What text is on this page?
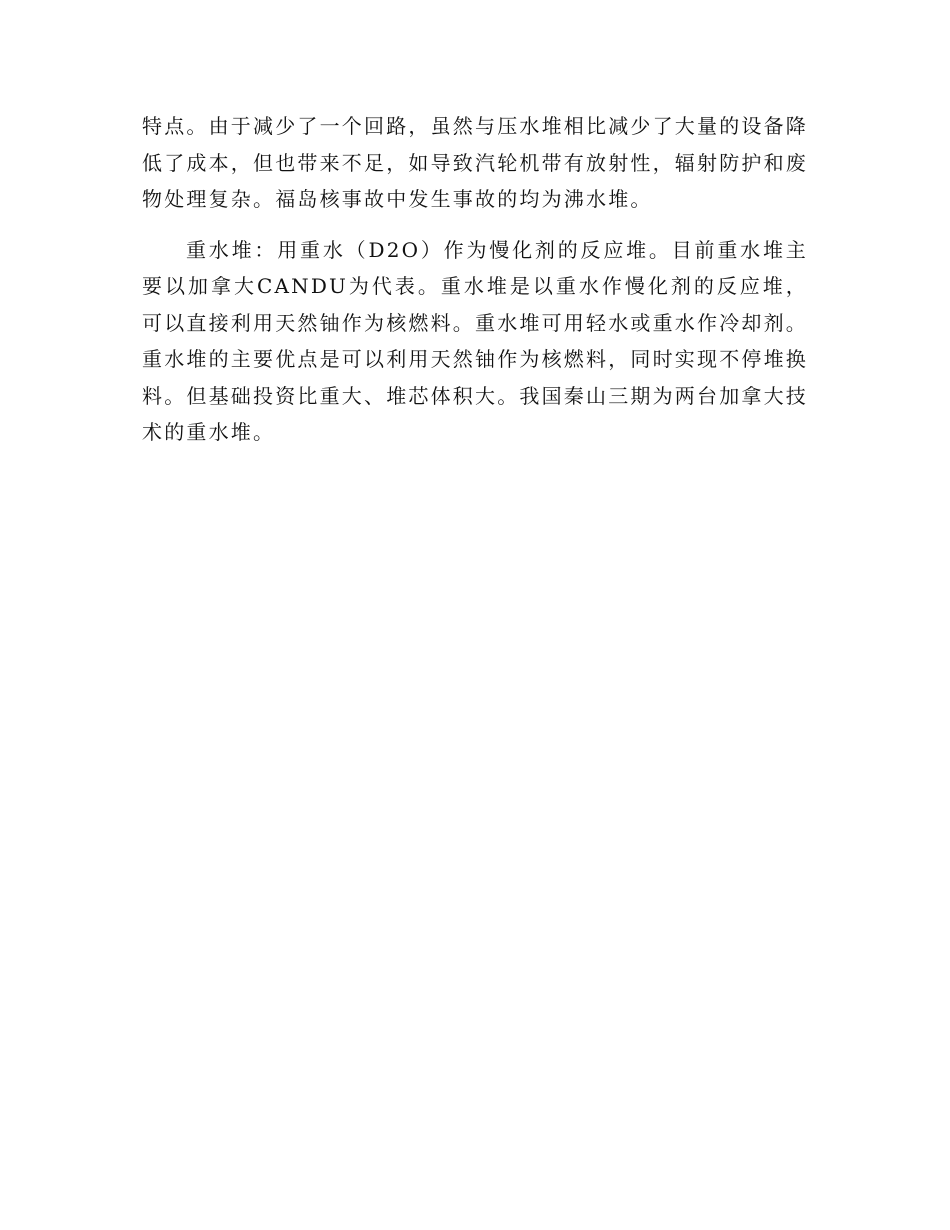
特点。由于减少了一个回路，虽然与压水堆相比减少了大量的设备降低了成本，但也带来不足，如导致汽轮机带有放射性，辐射防护和废物处理复杂。福岛核事故中发生事故的均为沸水堆。

重水堆：用重水（D2O）作为慢化剂的反应堆。目前重水堆主要以加拿大CANDU为代表。重水堆是以重水作慢化剂的反应堆，可以直接利用天然铀作为核燃料。重水堆可用轻水或重水作冷却剂。重水堆的主要优点是可以利用天然铀作为核燃料，同时实现不停堆换料。但基础投资比重大、堆芯体积大。我国秦山三期为两台加拿大技术的重水堆。
